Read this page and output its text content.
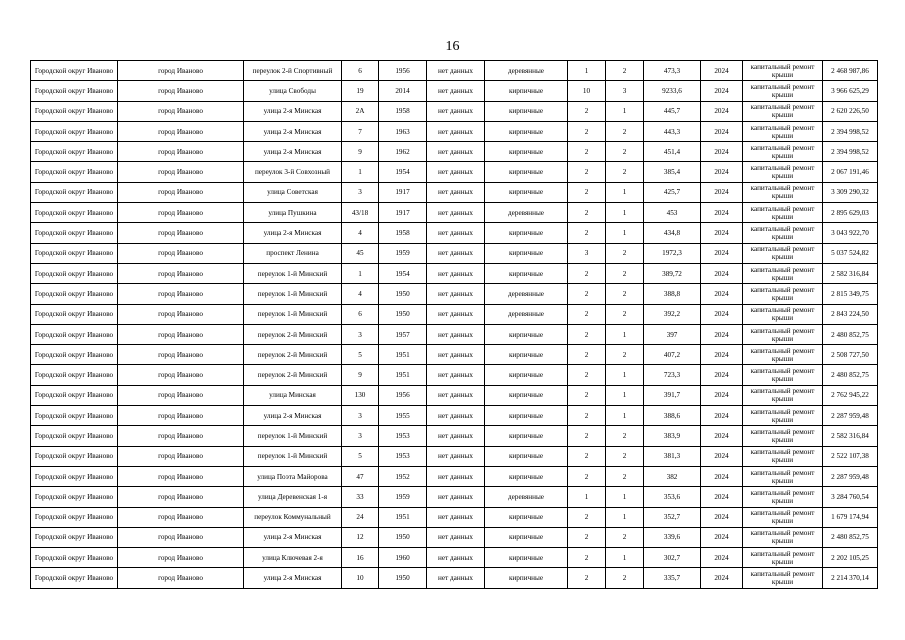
16
Городской округ Иваново	город Иваново	переулок 2-й Спортивный	6	1956	нет данных	деревянные	1	2	473,3	2024	капитальный ремонт крыши	2 468 987,86
Городской округ Иваново	город Иваново	улица Свободы	19	2014	нет данных	кирпичные	10	3	9233,6	2024	капитальный ремонт крыши	3 966 625,29
Городской округ Иваново	город Иваново	улица 2-я Минская	2А	1958	нет данных	кирпичные	2	1	445,7	2024	капитальный ремонт крыши	2 620 226,50
Городской округ Иваново	город Иваново	улица 2-я Минская	7	1963	нет данных	кирпичные	2	2	443,3	2024	капитальный ремонт крыши	2 394 998,52
Городской округ Иваново	город Иваново	улица 2-я Минская	9	1962	нет данных	кирпичные	2	2	451,4	2024	капитальный ремонт крыши	2 394 998,52
Городской округ Иваново	город Иваново	переулок 3-й Совхозный	1	1954	нет данных	кирпичные	2	2	385,4	2024	капитальный ремонт крыши	2 067 191,46
Городской округ Иваново	город Иваново	улица Советская	3	1917	нет данных	кирпичные	2	1	425,7	2024	капитальный ремонт крыши	3 309 290,32
Городской округ Иваново	город Иваново	улица Пушкина	43/18	1917	нет данных	деревянные	2	1	453	2024	капитальный ремонт крыши	2 895 629,03
Городской округ Иваново	город Иваново	улица 2-я Минская	4	1958	нет данных	кирпичные	2	1	434,8	2024	капитальный ремонт крыши	3 043 922,70
Городской округ Иваново	город Иваново	проспект Ленина	45	1959	нет данных	кирпичные	3	2	1972,3	2024	капитальный ремонт крыши	5 037 524,82
Городской округ Иваново	город Иваново	переулок 1-й Минский	1	1954	нет данных	кирпичные	2	2	389,72	2024	капитальный ремонт крыши	2 582 316,84
Городской округ Иваново	город Иваново	переулок 1-й Минский	4	1950	нет данных	деревянные	2	2	388,8	2024	капитальный ремонт крыши	2 815 349,75
Городской округ Иваново	город Иваново	переулок 1-й Минский	6	1950	нет данных	деревянные	2	2	392,2	2024	капитальный ремонт крыши	2 843 224,50
Городской округ Иваново	город Иваново	переулок 2-й Минский	3	1957	нет данных	кирпичные	2	1	397	2024	капитальный ремонт крыши	2 480 852,75
Городской округ Иваново	город Иваново	переулок 2-й Минский	5	1951	нет данных	кирпичные	2	2	407,2	2024	капитальный ремонт крыши	2 508 727,50
Городской округ Иваново	город Иваново	переулок 2-й Минский	9	1951	нет данных	кирпичные	2	1	723,3	2024	капитальный ремонт крыши	2 480 852,75
Городской округ Иваново	город Иваново	улица Минская	130	1956	нет данных	кирпичные	2	1	391,7	2024	капитальный ремонт крыши	2 762 945,22
Городской округ Иваново	город Иваново	улица 2-я Минская	3	1955	нет данных	кирпичные	2	1	388,6	2024	капитальный ремонт крыши	2 287 959,48
Городской округ Иваново	город Иваново	переулок 1-й Минский	3	1953	нет данных	кирпичные	2	2	383,9	2024	капитальный ремонт крыши	2 582 316,84
Городской округ Иваново	город Иваново	переулок 1-й Минский	5	1953	нет данных	кирпичные	2	2	381,3	2024	капитальный ремонт крыши	2 522 107,38
Городской округ Иваново	город Иваново	улица Поэта Майорова	47	1952	нет данных	кирпичные	2	2	382	2024	капитальный ремонт крыши	2 287 959,48
Городской округ Иваново	город Иваново	улица Деревенская 1-я	33	1959	нет данных	деревянные	1	1	353,6	2024	капитальный ремонт крыши	3 284 760,54
Городской округ Иваново	город Иваново	переулок Коммунальный	24	1951	нет данных	кирпичные	2	1	352,7	2024	капитальный ремонт крыши	1 679 174,94
Городской округ Иваново	город Иваново	улица 2-я Минская	12	1950	нет данных	кирпичные	2	2	339,6	2024	капитальный ремонт крыши	2 480 852,75
Городской округ Иваново	город Иваново	улица Ключевая 2-я	16	1960	нет данных	кирпичные	2	1	302,7	2024	капитальный ремонт крыши	2 202 105,25
Городской округ Иваново	город Иваново	улица 2-я Минская	10	1950	нет данных	кирпичные	2	2	335,7	2024	капитальный ремонт крыши	2 214 370,14
